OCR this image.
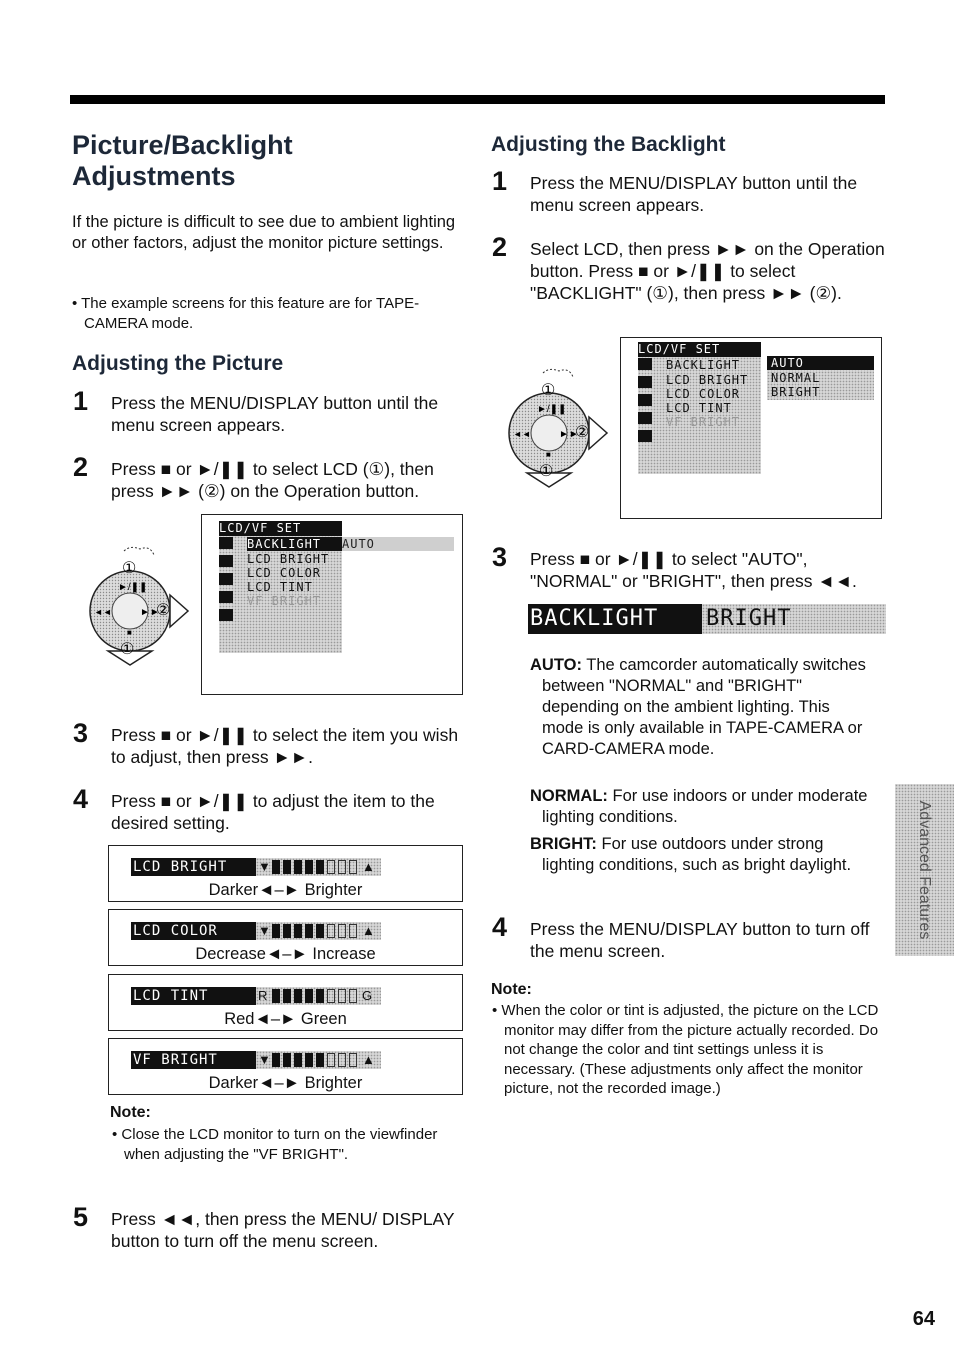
Picture/Backlight
Adjustments
If the picture is difficult to see due to ambient lighting or other factors, adjust the monitor picture settings.
• The example screens for this feature are for TAPE-CAMERA mode.
Adjusting the Picture
1 Press the MENU/DISPLAY button until the menu screen appears.
2 Press ■ or ►/❚❚ to select LCD (①), then press ►► (②) on the Operation button.
①
►/❚❚
◄◄	►►
②
■
①
LCD/VF SET
BACKLIGHT	AUTO
LCD BRIGHT
LCD COLOR
LCD TINT
VF BRIGHT
3 Press ■ or ►/❚❚ to select the item you wish to adjust, then press ►►.
4 Press ■ or ►/❚❚ to adjust the item to the desired setting.
LCD BRIGHT	▼	▲
Darker◄–► Brighter
LCD COLOR	▼	▲
Decrease◄–► Increase
LCD TINT	R	G
Red◄–► Green
VF BRIGHT	▼	▲
Darker◄–► Brighter
Note:
• Close the LCD monitor to turn on the viewfinder when adjusting the "VF BRIGHT".
5 Press ◄◄, then press the MENU/ DISPLAY button to turn off the menu screen.
Adjusting the Backlight
1 Press the MENU/DISPLAY button until the menu screen appears.
2 Select LCD, then press ►► on the Operation button. Press ■ or ►/❚❚ to select "BACKLIGHT" (①), then press ►► (②).
①
►/❚❚
◄◄	►►
②
■
①
LCD/VF SET
BACKLIGHT
LCD BRIGHT
LCD COLOR
LCD TINT
VF BRIGHT
AUTO
NORMAL
BRIGHT
3 Press ■ or ►/❚❚ to select "AUTO", "NORMAL" or "BRIGHT", then press ◄◄.
BACKLIGHT	BRIGHT
AUTO: The camcorder automatically switches between "NORMAL" and "BRIGHT" depending on the ambient lighting. This mode is only available in TAPE-CAMERA or CARD-CAMERA mode.
NORMAL: For use indoors or under moderate lighting conditions.
BRIGHT: For use outdoors under strong lighting conditions, such as bright daylight.
4 Press the MENU/DISPLAY button to turn off the menu screen.
Note:
• When the color or tint is adjusted, the picture on the LCD monitor may differ from the picture actually recorded. Do not change the color and tint settings unless it is necessary. (These adjustments only affect the monitor picture, not the recorded image.)
Advanced Features
64
